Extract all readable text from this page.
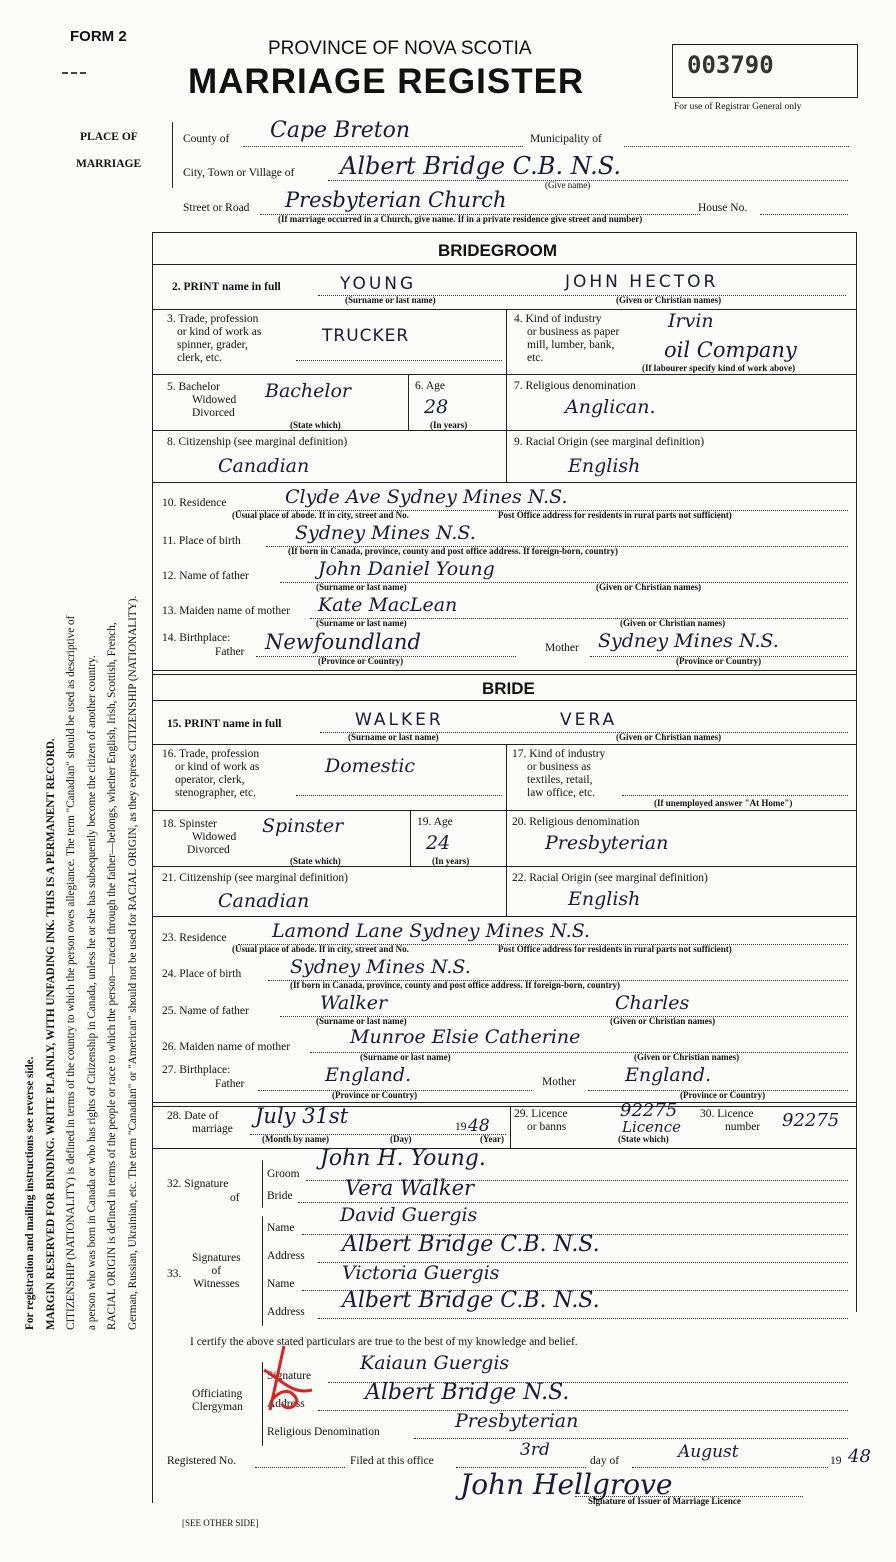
For registration and mailing instructions see reverse side. MARGIN RESERVED FOR BINDING. WRITE PLAINLY, WITH UNFADING INK. THIS IS A PERMANENT RECORD. CITIZENSHIP (NATIONALITY) is defined in terms of the country to which the person owes allegiance. The term "Canadian" should be used as descriptive of a person who was born in Canada or who has rights of Citizenship in Canada, unless he or she has subsequently become the citizen of another country. RACIAL ORIGIN is defined in terms of the people or race to which the person—traced through the father—belongs, whether English, Irish, Scottish, French, German, Russian, Ukrainian, etc. The term "Canadian" or "American" should not be used for RACIAL ORIGIN, as they express CITIZENSHIP (NATIONALITY).
FORM 2
PROVINCE OF NOVA SCOTIA
MARRIAGE REGISTER	003790
For use of Registrar General only
PLACE OF
MARRIAGE
County of Cape Breton	Municipality of
City, Town or Village of Albert Bridge C.B. N.S.
(Give name)
Street or Road Presbyterian Church	House No.
(If marriage occurred in a Church, give name. If in a private residence give street and number)
BRIDEGROOM
2. PRINT name in full	YOUNG	JOHN HECTOR
(Surname or last name)	(Given or Christian names)
3. Trade, profession
or kind of work as
spinner, grader,
clerk, etc.
TRUCKER
4. Kind of industry
or business as paper
mill, lumber, bank,
etc.
Irvin
oil Company
(If labourer specify kind of work above)
5. Bachelor
Widowed
Divorced
Bachelor
(State which)
6. Age
28
(In years)
7. Religious denomination
Anglican.
8. Citizenship (see marginal definition)
Canadian
9. Racial Origin (see marginal definition)
English
10. Residence	Clyde Ave Sydney Mines N.S.
(Usual place of abode. If in city, street and No.	Post Office address for residents in rural parts not sufficient)
11. Place of birth	Sydney Mines N.S.
(If born in Canada, province, county and post office address. If foreign-born, country)
12. Name of father	John Daniel Young
(Surname or last name)	(Given or Christian names)
13. Maiden name of mother Kate MacLean
(Surname or last name)	(Given or Christian names)
14. Birthplace:
Father Newfoundland
(Province or Country)
Mother Sydney Mines N.S.
(Province or Country)
BRIDE
15. PRINT name in full	WALKER	VERA
(Surname or last name)	(Given or Christian names)
16. Trade, profession
or kind of work as
operator, clerk,
stenographer, etc.
Domestic
17. Kind of industry
or business as
textiles, retail,
law office, etc.
(If unemployed answer "At Home")
18. Spinster
Widowed
Divorced
Spinster
(State which)
19. Age
24
(In years)
20. Religious denomination
Presbyterian
21. Citizenship (see marginal definition)
Canadian
22. Racial Origin (see marginal definition)
English
23. Residence Lamond Lane Sydney Mines N.S.
(Usual place of abode. If in city, street and No.	Post Office address for residents in rural parts not sufficient)
24. Place of birth	Sydney Mines N.S.
(If born in Canada, province, county and post office address. If foreign-born, country)
25. Name of father	Walker	Charles
(Surname or last name)	(Given or Christian names)
26. Maiden name of mother	Munroe Elsie Catherine
(Surname or last name)	(Given or Christian names)
27. Birthplace:
Father	England.
(Province or Country)
Mother	England.
(Province or Country)
28. Date of
marriage
July 31st	19 48
(Month by name)	(Day)	(Year)
29. Licence
or banns
92275
Licence
(State which)
30. Licence
number 92275
32. Signature
of
Groom
John H. Young.
Bride Vera Walker
33.
Signatures
of
Witnesses
Name
David Guergis
Address Albert Bridge C.B. N.S.
Name	Victoria Guergis
Address Albert Bridge C.B. N.S.
I certify the above stated particulars are true to the best of my knowledge and belief.
Officiating
Clergyman
Signature
Kaiaun Guergis
Address	Albert Bridge N.S.
Religious Denomination	Presbyterian
Registered No.	Filed at this office
3rd
day of	August	19 48
John Hellgrove
Signature of Issuer of Marriage Licence
[SEE OTHER SIDE]
